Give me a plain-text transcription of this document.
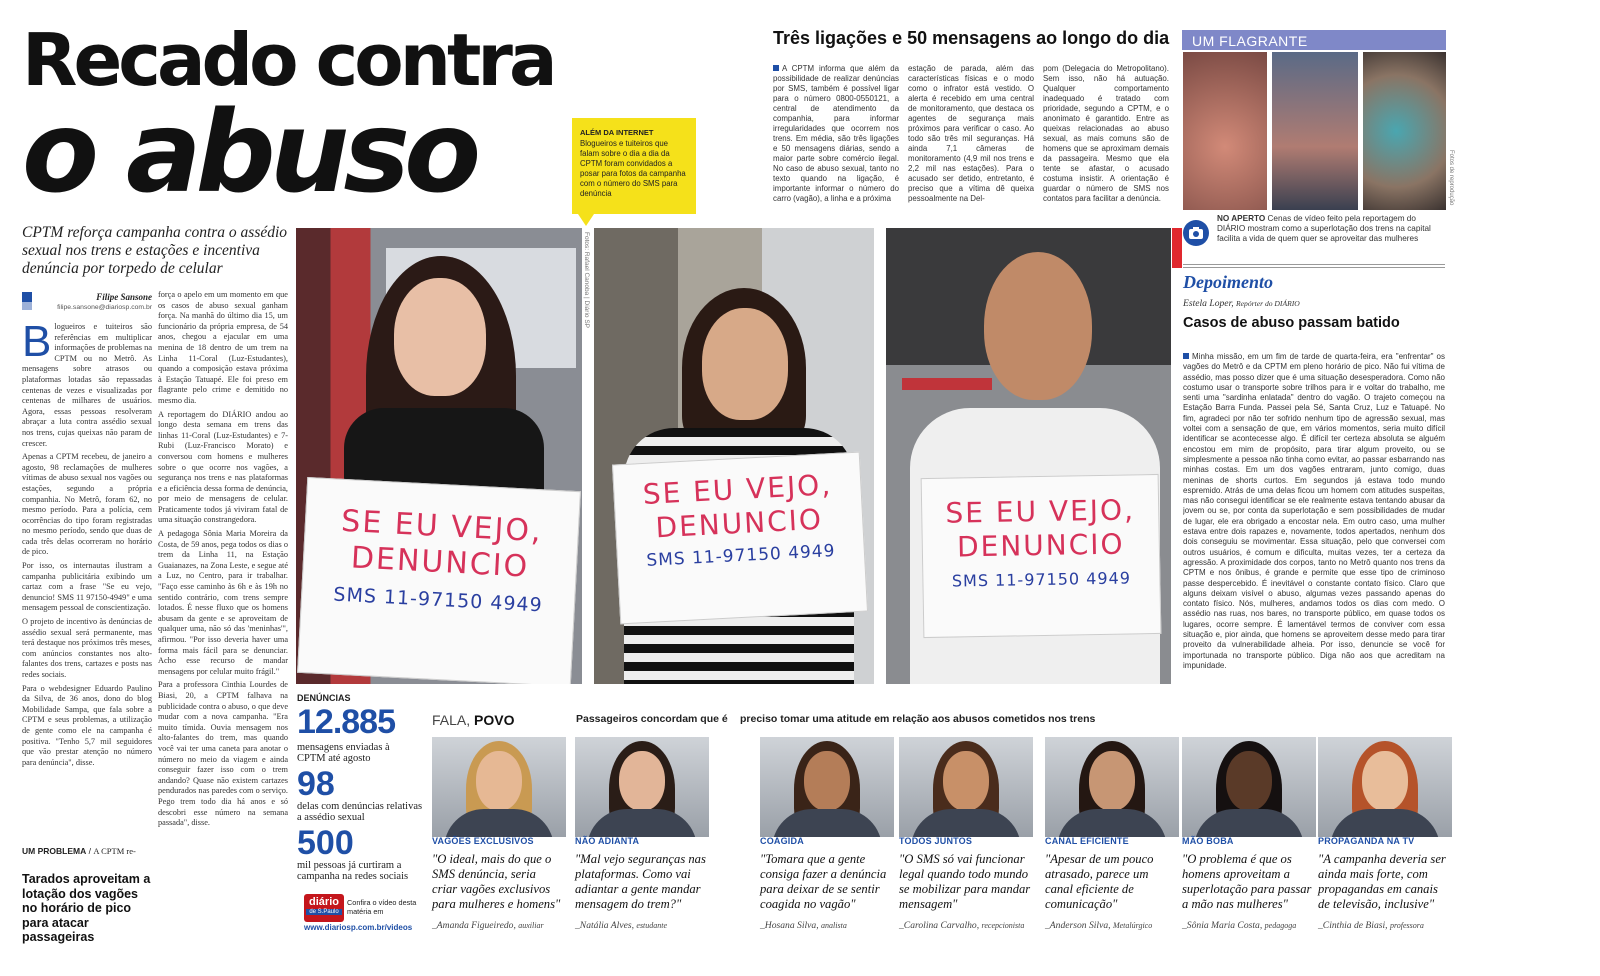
Recado contra
o abuso
CPTM reforça campanha contra o assédio sexual nos trens e estações e incentiva denúncia por torpedo de celular
Filipe Sansone
filipe.sansone@diariosp.com.br
B logueiros e tuiteiros são referências em multiplicar informações de problemas na CPTM ou no Metrô. As mensagens sobre atrasos ou plataformas lotadas são repassadas centenas de vezes e visualizadas por centenas de milhares de usuários. Agora, essas pessoas resolveram abraçar a luta contra assédio sexual nos trens, cujas queixas não param de crescer.

Apenas a CPTM recebeu, de janeiro a agosto, 98 reclamações de mulheres vítimas de abuso sexual nos vagões ou estações, segundo a própria companhia. No Metrô, foram 62, no mesmo período. Para a polícia, cem ocorrências do tipo foram registradas no mesmo período, sendo que duas de cada três delas ocorreram no horário de pico.

Por isso, os internautas ilustram a campanha publicitária exibindo um cartaz com a frase "Se eu vejo, denuncio! SMS 11 97150-4949" e uma mensagem pessoal de conscientização.

O projeto de incentivo às denúncias de assédio sexual será permanente, mas terá destaque nos próximos três meses, com anúncios constantes nos alto-falantes dos trens, cartazes e posts nas redes sociais.

Para o webdesigner Eduardo Paulino da Silva, de 36 anos, dono do blog Mobilidade Sampa, que fala sobre a CPTM e seus problemas, a utilização de gente como ele na campanha é positiva. "Tenho 5,7 mil seguidores que vão prestar atenção no número para denúncia", disse.

UM PROBLEMA / A CPTM re-
Tarados aproveitam a lotação dos vagões no horário de pico para atacar passageiras

força o apelo em um momento em que os casos de abuso sexual ganham força. Na manhã do último dia 15, um funcionário da própria empresa, de 54 anos, chegou a ejacular em uma menina de 18 dentro de um trem na Linha 11-Coral (Luz-Estudantes), quando a composição estava próxima à Estação Tatuapé. Ele foi preso em flagrante pelo crime e demitido no mesmo dia.

A reportagem do DIÁRIO andou ao longo desta semana em trens das linhas 11-Coral (Luz-Estudantes) e 7-Rubi (Luz-Francisco Morato) e conversou com homens e mulheres sobre o que ocorre nos vagões, a segurança nos trens e nas plataformas e a eficiência dessa forma de denúncia, por meio de mensagens de celular. Praticamente todos já viviram fatal de uma situação constrangedora.

A pedagoga Sônia Maria Moreira da Costa, de 59 anos, pega todos os dias o trem da Linha 11, na Estação Guaianazes, na Zona Leste, e segue até a Luz, no Centro, para ir trabalhar. "Faço esse caminho às 6h e às 19h no sentido contrário, com trens sempre lotados. É nesse fluxo que os homens abusam da gente e se aproveitam de qualquer uma, não só das 'meninhas'", afirmou. "Por isso deveria haver uma forma mais fácil para se denunciar. Acho esse recurso de mandar mensagens por celular muito frágil."

Para a professora Cinthia Lourdes de Biasi, 20, a CPTM falhava na publicidade contra o abuso, o que deve mudar com a nova campanha. "Era muito tímida. Ouvia mensagem nos alto-falantes do trem, mas quando você vai ter uma caneta para anotar o número no meio da viagem e ainda conseguir fazer isso com o trem andando? Quase não existem cartazes pendurados nas paredes com o serviço. Pego trem todo dia há anos e só descobri esse número na semana passada", disse.

ALÉM DA INTERNET
Blogueiros e tuiteiros que falam sobre o dia a dia da CPTM foram convidados a posar para fotos da campanha com o número do SMS para denúncia
SE EU VEJO,
DENUNCIO
SMS 11-97150 4949
Fotos: Rafael Canoba | Diário SP
SE EU VEJO,
DENUNCIO
SMS 11-97150 4949
SE EU VEJO,
DENUNCIO
SMS 11-97150 4949
Três ligações e 50 mensagens ao longo do dia
A CPTM informa que além da possibilidade de realizar denúncias por SMS, também é possível ligar para o número 0800-0550121, a central de atendimento da companhia, para informar irregularidades que ocorrem nos trens. Em média, são três ligações e 50 mensagens diárias, sendo a maior parte sobre comércio ilegal. No caso de abuso sexual, tanto no texto quando na ligação, é importante informar o número do carro (vagão), a linha e a próxima
estação de parada, além das características físicas e o modo como o infrator está vestido. O alerta é recebido em uma central de monitoramento, que destaca os agentes de segurança mais próximos para verificar o caso. Ao todo são três mil seguranças. Há ainda 7,1 câmeras de monitoramento (4,9 mil nos trens e 2,2 mil nas estações). Para o acusado ser detido, entretanto, é preciso que a vítima dê queixa pessoalmente na Del-
pom (Delegacia do Metropolitano). Sem isso, não há autuação. Qualquer comportamento inadequado é tratado com prioridade, segundo a CPTM, e o anonimato é garantido. Entre as queixas relacionadas ao abuso sexual, as mais comuns são de homens que se aproximam demais da passageira. Mesmo que ela tente se afastar, o acusado costuma insistir. A orientação é guardar o número de SMS nos contatos para facilitar a denúncia.
UM FLAGRANTE
Fotos de reprodução
NO APERTO Cenas de vídeo feito pela reportagem do DIÁRIO mostram como a superlotação dos trens na capital facilita a vida de quem quer se aproveitar das mulheres
Depoimento
Estela Loper, Repórter do DIÁRIO
Casos de abuso passam batido
Minha missão, em um fim de tarde de quarta-feira, era "enfrentar" os vagões do Metrô e da CPTM em pleno horário de pico. Não fui vítima de assédio, mas posso dizer que é uma situação desesperadora. Como não costumo usar o transporte sobre trilhos para ir e voltar do trabalho, me senti uma "sardinha enlatada" dentro do vagão. O trajeto começou na Estação Barra Funda. Passei pela Sé, Santa Cruz, Luz e Tatuapé. No fim, agradeci por não ter sofrido nenhum tipo de agressão sexual, mas voltei com a sensação de que, em vários momentos, seria muito difícil identificar se acontecesse algo. É difícil ter certeza absoluta se alguém encostou em mim de propósito, para tirar algum proveito, ou se simplesmente a pessoa não tinha como evitar, ao passar esbarrando nas minhas costas. Em um dos vagões entraram, junto comigo, duas meninas de shorts curtos. Em segundos já estava todo mundo espremido. Atrás de uma delas ficou um homem com atitudes suspeitas, mas não consegui identificar se ele realmente estava tentando abusar da jovem ou se, por conta da superlotação e sem possibilidades de mudar de lugar, ele era obrigado a encostar nela. Em outro caso, uma mulher estava entre dois rapazes e, novamente, todos apertados, nenhum dos dois conseguiu se movimentar. Essa situação, pelo que conversei com outros usuários, é comum e dificulta, muitas vezes, ter a certeza da agressão. A proximidade dos corpos, tanto no Metrô quanto nos trens da CPTM e nos ônibus, é grande e permite que esse tipo de criminoso passe despercebido. É inevitável o constante contato físico. Claro que alguns deixam visível o abuso, algumas vezes passando apenas do contato físico. Nós, mulheres, andamos todos os dias com medo. O assédio nas ruas, nos bares, no transporte público, em quase todos os lugares, ocorre sempre. É lamentável termos de conviver com essa situação e, pior ainda, que homens se aproveitem desse medo para tirar proveito da vulnerabilidade alheia. Por isso, denuncie se você for importunada no transporte público. Diga não aos que acreditam na impunidade.
DENÚNCIAS
12.885
mensagens enviadas à CPTM até agosto
98
delas com denúncias relativas a assédio sexual
500
mil pessoas já curtiram a campanha na redes sociais
diário
de S.Paulo
Confira o vídeo desta matéria em
www.diariosp.com.br/videos
FALA, POVO	Passageiros concordam que é preciso tomar uma atitude em relação aos abusos cometidos nos trens
VAGÕES EXCLUSIVOS
"O ideal, mais do que o SMS denúncia, seria criar vagões exclusivos para mulheres e homens"
_Amanda Figueiredo, auxiliar
NÃO ADIANTA
"Mal vejo seguranças nas plataformas. Como vai adiantar a gente mandar mensagem do trem?"
_Natália Alves, estudante
COAGIDA
"Tomara que a gente consiga fazer a denúncia para deixar de se sentir coagida no vagão"
_Hosana Silva, analista
TODOS JUNTOS
"O SMS só vai funcionar legal quando todo mundo se mobilizar para mandar mensagem"
_Carolina Carvalho, recepcionista
CANAL EFICIENTE
"Apesar de um pouco atrasado, parece um canal eficiente de comunicação"
_Anderson Silva, Metalúrgico
MÃO BOBA
"O problema é que os homens aproveitam a superlotação para passar a mão nas mulheres"
_Sônia Maria Costa, pedagoga
PROPAGANDA NA TV
"A campanha deveria ser ainda mais forte, com propagandas em canais de televisão, inclusive"
_Cinthia de Biasi, professora
